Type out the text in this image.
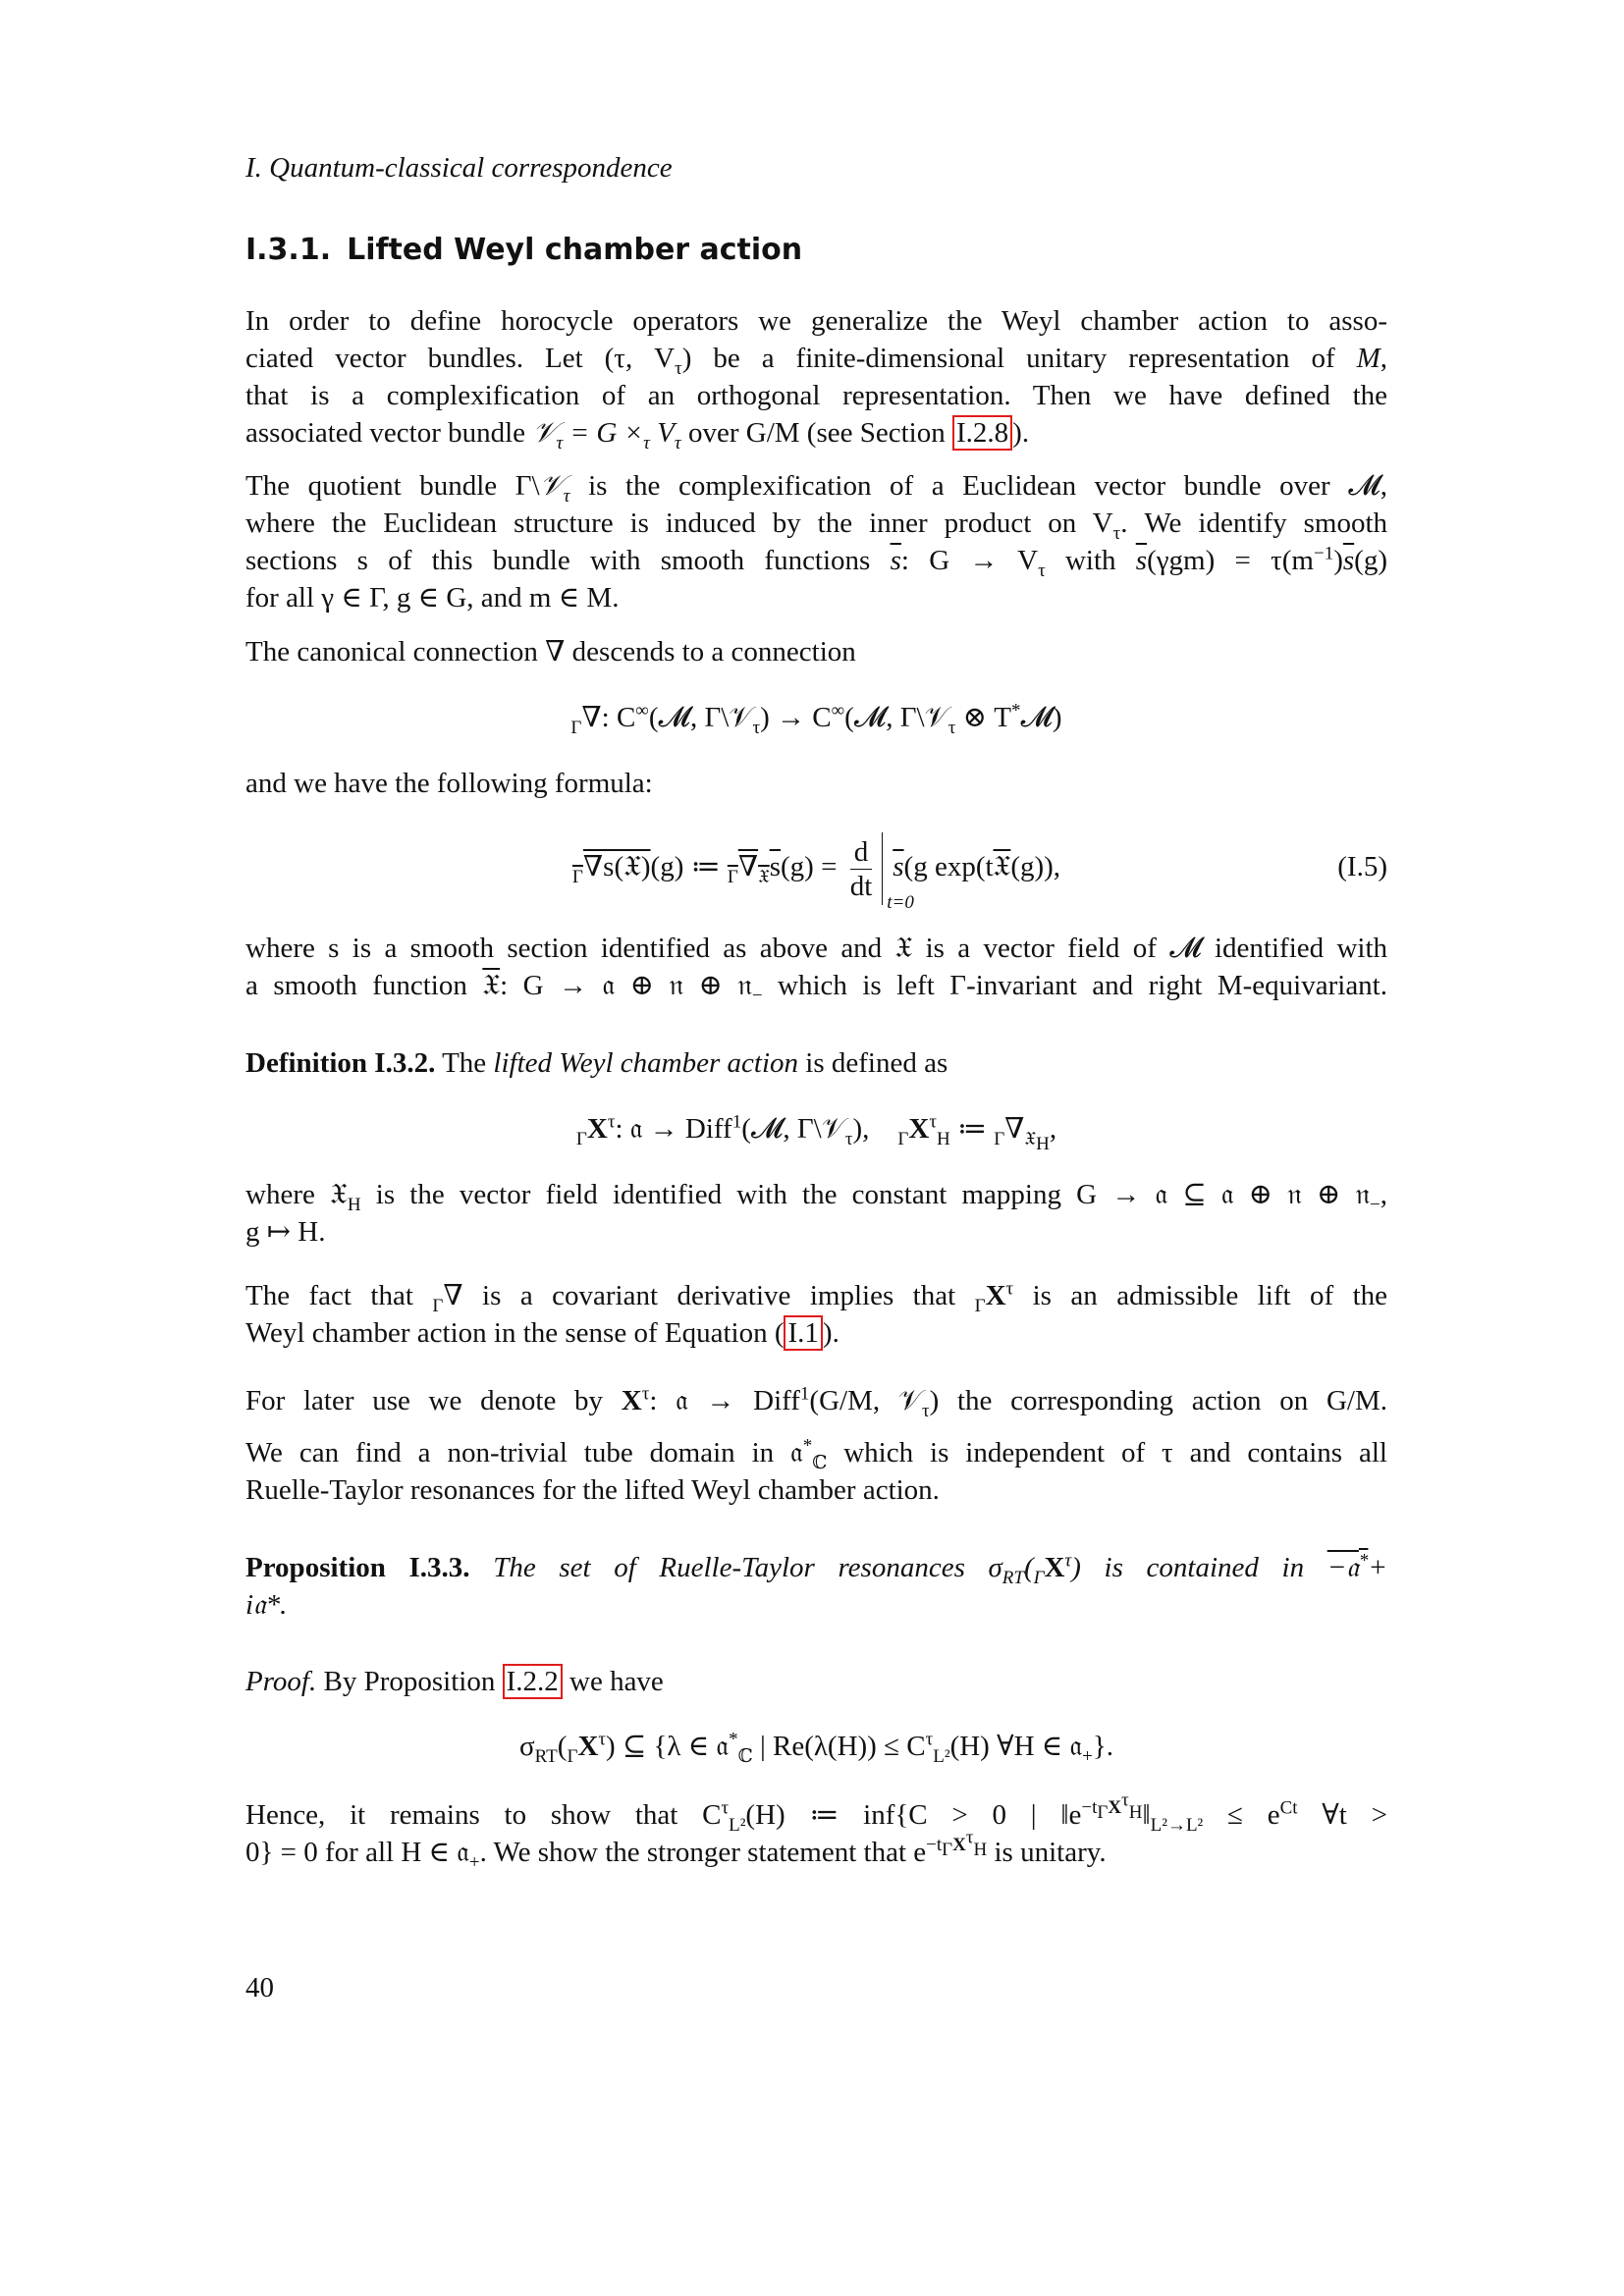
I. Quantum-classical correspondence
I.3.1. Lifted Weyl chamber action
In order to define horocycle operators we generalize the Weyl chamber action to asso-
ciated vector bundles. Let (τ, $V_\tau$) be a finite-dimensional unitary representation of M,
that is a complexification of an orthogonal representation. Then we have defined the
associated vector bundle 𝒱$_\tau$ = $G \times_\tau$ $V_\tau$ over G/M (see Section I.2.8 ).
The quotient bundle Γ\𝒱$_\tau$ is the complexification of a Euclidean vector bundle over 𝓜,
where the Euclidean structure is induced by the inner product on $V_\tau$. We identify smooth
sections s of this bundle with smooth functions $\overline{s}$: $G \to V_\tau$ with $\overline{s}(\gamma gm) = \tau(m^{-1})\overline{s}(g)$
for all γ ∈ Γ, g ∈ G, and m ∈ M.
The canonical connection ∇ descends to a connection
$_\Gamma$∇: C∞(𝓜, Γ\𝒱$_\tau$) → C∞(𝓜, Γ\𝒱$_\tau$ ⊗ T*𝓜)
and we have the following formula:
$_\Gamma$∇s(𝔛)(g) ≔ $_\Gamma\nabla_𝔛s(g) = \frac{d}{dt} t=0$
$\overline{s}(g$ exp(t𝔛(g)),	(I.5)
where s is a smooth section identified as above and 𝔛 is a vector field of 𝓜 identified with
a smooth function 𝔛: G → 𝔞 ⊕ 𝔫 ⊕ 𝔫$_-$ which is left Γ-invariant and right M-equivariant.
Definition I.3.2. The lifted Weyl chamber action is defined as
$_\Gamma X^\tau$: 𝔞 → Diff$^1$(𝓜, Γ\𝒱$_\tau$), $_\Gamma X^\tau_H$ ≔ $_\Gamma\nabla_{𝔛_H}$,
where 𝔛$_H$ is the vector field identified with the constant mapping G → 𝔞 ⊆ 𝔞 ⊕ 𝔫 ⊕ 𝔫$_-$,
g ↦ H.
The fact that $_\Gamma$∇ is a covariant derivative implies that $_\Gamma X^\tau$ is an admissible lift of the
Weyl chamber action in the sense of Equation ( I.1 ).
For later use we denote by $X^\tau$: 𝔞 → Diff$^1$(G/M, 𝒱$_\tau$) the corresponding action on G/M.
We can find a non-trivial tube domain in 𝔞*$_ℂ$ which is independent of τ and contains all
Ruelle-Taylor resonances for the lifted Weyl chamber action.
Proposition I.3.3. The set of Ruelle-Taylor resonances $\sigma_{RT}(_\Gamma X^\tau)$ is contained in −𝔞*+
i𝔞*.
Proof. By Proposition I.2.2 we have
$\sigma_{RT}(_\Gamma X^\tau)$ ⊆ {λ ∈ 𝔞*$_ℂ$ | $Re(\lambda(H)) \le C^\tau_{L^2}(H)$ ∀H ∈ 𝔞$_+$}.
Hence, it remains to show that $C^\tau_{L^2}(H)$ ≔ inf{C > 0 | $‖e^{-t_\Gamma X^\tau_H}‖_{L^2\to L^2} \le e^{Ct}$ ∀t >
0} = 0 for all H ∈ 𝔞$_+$. We show the stronger statement that $e^{-t_\Gamma X^\tau_H}$ is unitary.
40
